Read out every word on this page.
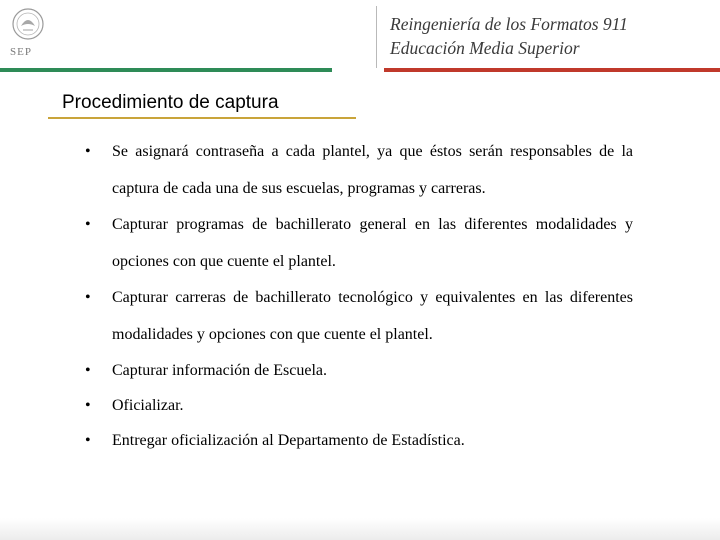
SEP
Reingeniería de los Formatos 911
Educación Media Superior
Procedimiento de captura
• Se asignará contraseña a cada plantel, ya que éstos serán responsables de la captura de cada una de sus escuelas, programas y carreras.
• Capturar programas de bachillerato general en las diferentes modalidades y opciones con que cuente el plantel.
• Capturar carreras de bachillerato tecnológico y equivalentes en las diferentes modalidades y opciones con que cuente el plantel.
• Capturar información de Escuela.
• Oficializar.
• Entregar oficialización al Departamento de Estadística.
